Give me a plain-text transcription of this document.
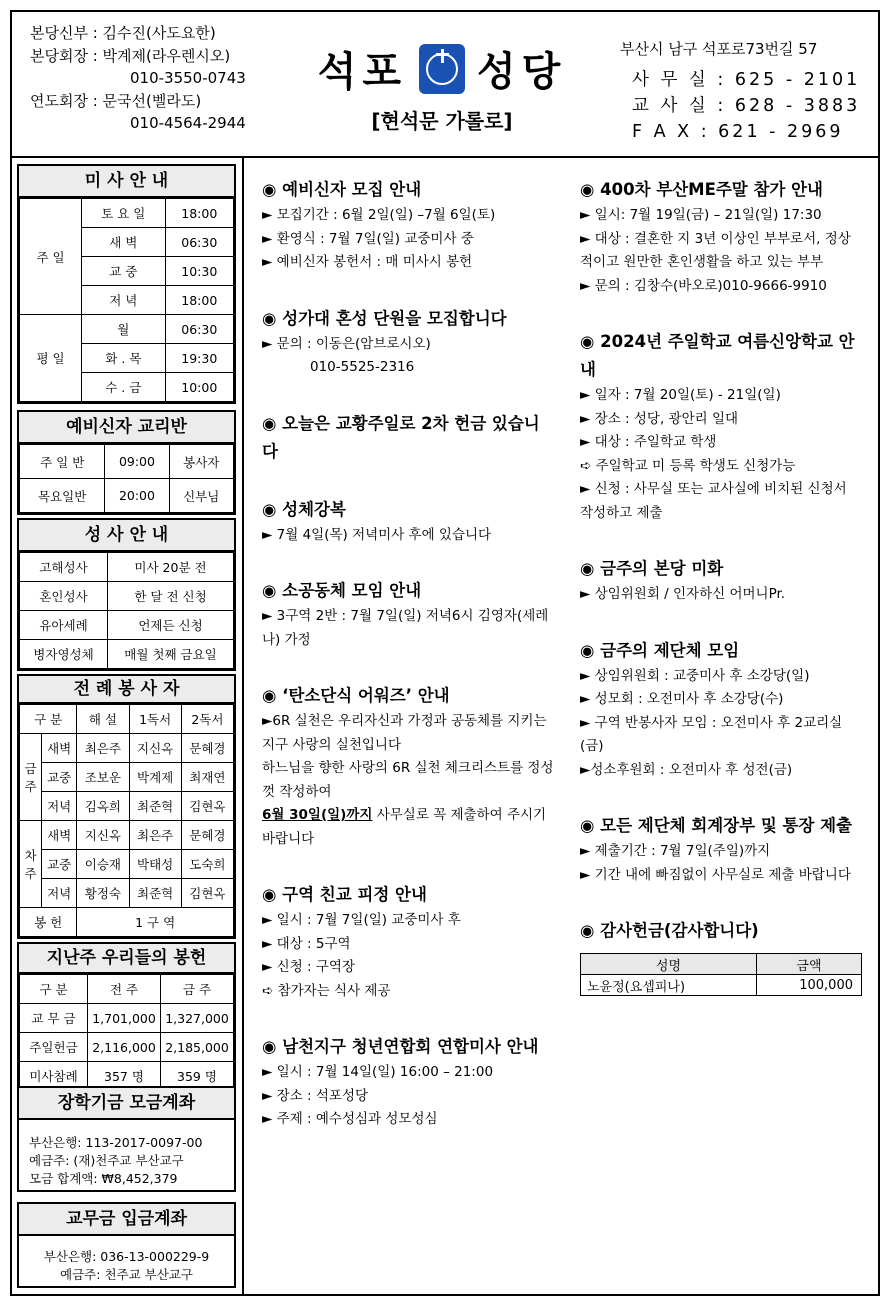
본당신부 : 김수진(사도요한)
본당회장 : 박계제(라우렌시오)
010-3550-0743
연도회장 : 문국선(벨라도)
010-4564-2944
석포 성당
[현석문 가롤로]
부산시 남구 석포로73번길 57
사 무 실 : 625 - 2101
교 사 실 : 628 - 3883
F A X : 621 - 2969
미 사 안 내
주 일	토 요 일	18:00
	새 벽	06:30
	교 중	10:30
	저 녁	18:00
평 일	월	06:30
	화 . 목	19:30
	수 . 금	10:00
예비신자 교리반
주 일 반	09:00	봉사자
목요일반	20:00	신부님
성 사 안 내
고해성사	미사 20분 전
혼인성사	한 달 전 신청
유아세례	언제든 신청
병자영성체	매월 첫째 금요일
전 례 봉 사 자
구 분		해 설	1독서	2독서
금주	새벽	최은주	지신옥	문혜경
	교중	조보운	박계제	최재연
	저녁	김옥희	최준혁	김현옥
차주	새벽	지신옥	최은주	문혜경
	교중	이승재	박태성	도숙희
	저녁	황정숙	최준혁	김현옥
봉 헌		1 구 역		
지난주 우리들의 봉헌
구 분	전 주	금 주
교 무 금	1,701,000	1,327,000
주일헌금	2,116,000	2,185,000
미사참례	357 명	359 명
장학기금 모금계좌
부산은행: 113-2017-0097-00
예금주: (재)천주교 부산교구
모금 합계액: ₩8,452,379
교무금 입금계좌
부산은행: 036-13-000229-9
예금주: 천주교 부산교구
◉ 예비신자 모집 안내
► 모집기간 : 6월 2일(일) –7월 6일(토)
► 환영식 : 7월 7일(일) 교중미사 중
► 예비신자 봉헌서 : 매 미사시 봉헌
◉ 성가대 혼성 단원을 모집합니다
► 문의 : 이동은(암브로시오)
010-5525-2316
◉ 오늘은 교황주일로 2차 헌금 있습니다
◉ 성체강복
► 7월 4일(목) 저녁미사 후에 있습니다
◉ 소공동체 모임 안내
► 3구역 2반 : 7월 7일(일) 저녁6시 김영자(세레나) 가정
◉ ‘탄소단식 어워즈’ 안내
►6R 실천은 우리자신과 가정과 공동체를 지키는 지구 사랑의 실천입니다
하느님을 향한 사랑의 6R 실천 체크리스트를 정성껏 작성하여
6월 30일(일)까지 사무실로 꼭 제출하여 주시기 바랍니다
◉ 구역 친교 피정 안내
► 일시 : 7월 7일(일) 교중미사 후
► 대상 : 5구역
► 신청 : 구역장
➪ 참가자는 식사 제공
◉ 남천지구 청년연합회 연합미사 안내
► 일시 : 7월 14일(일) 16:00 – 21:00
► 장소 : 석포성당
► 주제 : 예수성심과 성모성심
◉ 400차 부산ME주말 참가 안내
► 일시: 7월 19일(금) – 21일(일) 17:30
► 대상 : 결혼한 지 3년 이상인 부부로서, 정상적이고 원만한 혼인생활을 하고 있는 부부
► 문의 : 김창수(바오로)010-9666-9910
◉ 2024년 주일학교 여름신앙학교 안내
► 일자 : 7월 20일(토) - 21일(일)
► 장소 : 성당, 광안리 일대
► 대상 : 주일학교 학생
➪ 주일학교 미 등록 학생도 신청가능
► 신청 : 사무실 또는 교사실에 비치된 신청서 작성하고 제출
◉ 금주의 본당 미화
► 상임위원회 / 인자하신 어머니Pr.
◉ 금주의 제단체 모임
► 상임위원회 : 교중미사 후 소강당(일)
► 성모회 : 오전미사 후 소강당(수)
► 구역 반봉사자 모임 : 오전미사 후 2교리실(금)
►성소후원회 : 오전미사 후 성전(금)
◉ 모든 제단체 회계장부 및 통장 제출
► 제출기간 : 7월 7일(주일)까지
► 기간 내에 빠짐없이 사무실로 제출 바랍니다
◉ 감사헌금(감사합니다)
성명	금액
노윤정(요셉피나)	100,000
